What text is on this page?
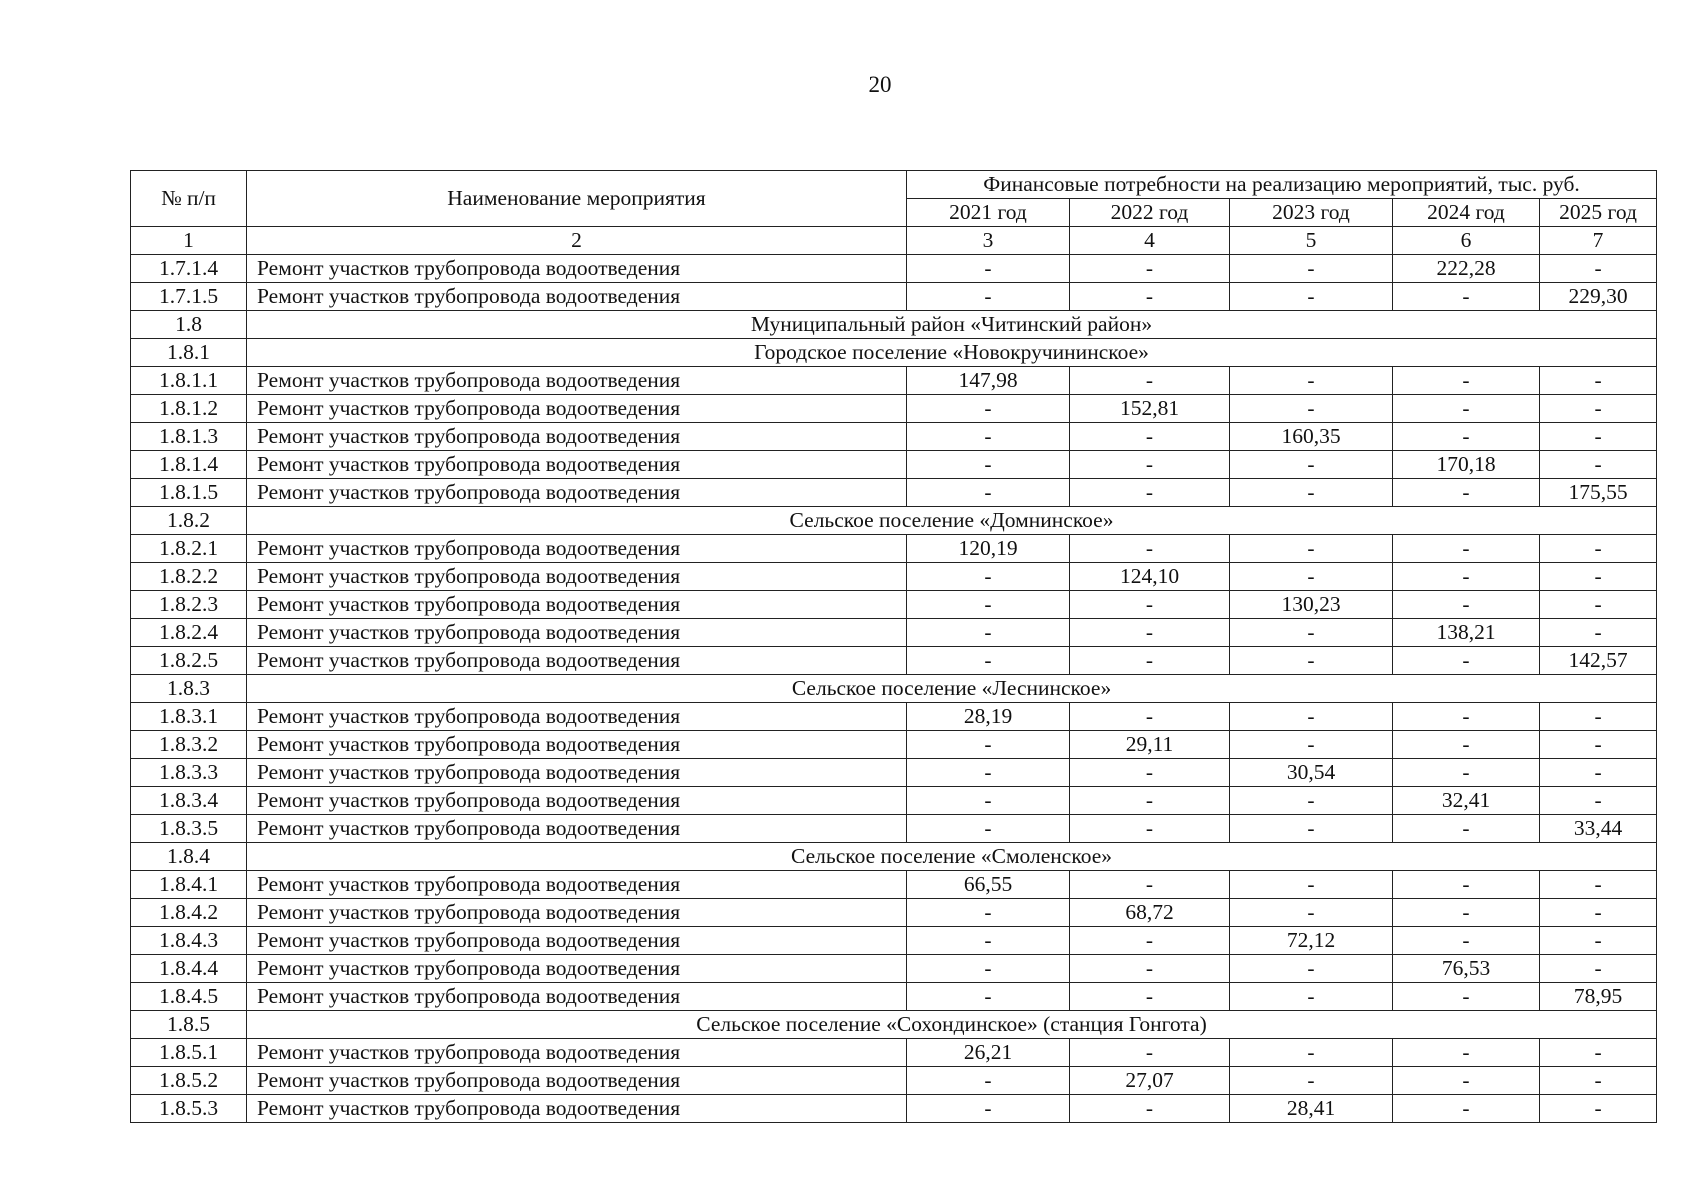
20
№ п/п	Наименование мероприятия	Финансовые потребности на реализацию мероприятий, тыс. руб.				
		2021 год	2022 год	2023 год	2024 год	2025 год
1	2	3	4	5	6	7
1.7.1.4	Ремонт участков трубопровода водоотведения	-	-	-	222,28	-
1.7.1.5	Ремонт участков трубопровода водоотведения	-	-	-	-	229,30
1.8	Муниципальный район «Читинский район»					
1.8.1	Городское поселение «Новокручининское»					
1.8.1.1	Ремонт участков трубопровода водоотведения	147,98	-	-	-	-
1.8.1.2	Ремонт участков трубопровода водоотведения	-	152,81	-	-	-
1.8.1.3	Ремонт участков трубопровода водоотведения	-	-	160,35	-	-
1.8.1.4	Ремонт участков трубопровода водоотведения	-	-	-	170,18	-
1.8.1.5	Ремонт участков трубопровода водоотведения	-	-	-	-	175,55
1.8.2	Сельское поселение «Домнинское»					
1.8.2.1	Ремонт участков трубопровода водоотведения	120,19	-	-	-	-
1.8.2.2	Ремонт участков трубопровода водоотведения	-	124,10	-	-	-
1.8.2.3	Ремонт участков трубопровода водоотведения	-	-	130,23	-	-
1.8.2.4	Ремонт участков трубопровода водоотведения	-	-	-	138,21	-
1.8.2.5	Ремонт участков трубопровода водоотведения	-	-	-	-	142,57
1.8.3	Сельское поселение «Леснинское»					
1.8.3.1	Ремонт участков трубопровода водоотведения	28,19	-	-	-	-
1.8.3.2	Ремонт участков трубопровода водоотведения	-	29,11	-	-	-
1.8.3.3	Ремонт участков трубопровода водоотведения	-	-	30,54	-	-
1.8.3.4	Ремонт участков трубопровода водоотведения	-	-	-	32,41	-
1.8.3.5	Ремонт участков трубопровода водоотведения	-	-	-	-	33,44
1.8.4	Сельское поселение «Смоленское»					
1.8.4.1	Ремонт участков трубопровода водоотведения	66,55	-	-	-	-
1.8.4.2	Ремонт участков трубопровода водоотведения	-	68,72	-	-	-
1.8.4.3	Ремонт участков трубопровода водоотведения	-	-	72,12	-	-
1.8.4.4	Ремонт участков трубопровода водоотведения	-	-	-	76,53	-
1.8.4.5	Ремонт участков трубопровода водоотведения	-	-	-	-	78,95
1.8.5	Сельское поселение «Сохондинское» (станция Гонгота)					
1.8.5.1	Ремонт участков трубопровода водоотведения	26,21	-	-	-	-
1.8.5.2	Ремонт участков трубопровода водоотведения	-	27,07	-	-	-
1.8.5.3	Ремонт участков трубопровода водоотведения	-	-	28,41	-	-
